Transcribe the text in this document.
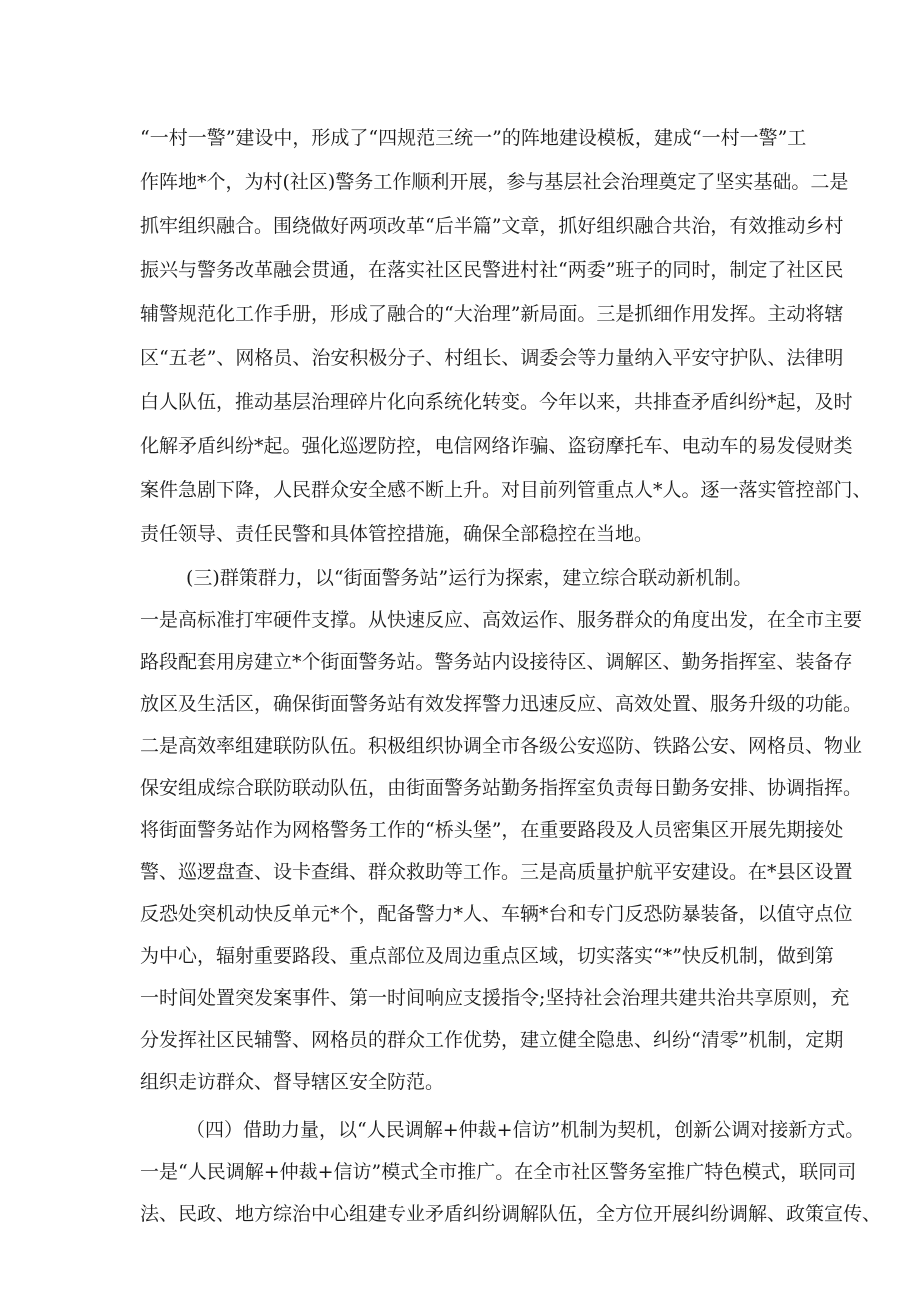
“一村一警”建设中，形成了“四规范三统一”的阵地建设模板，建成“一村一警”工
作阵地*个，为村(社区)警务工作顺利开展，参与基层社会治理奠定了坚实基础。二是
抓牢组织融合。围绕做好两项改革“后半篇”文章，抓好组织融合共治，有效推动乡村
振兴与警务改革融会贯通，在落实社区民警进村社“两委”班子的同时，制定了社区民
辅警规范化工作手册，形成了融合的“大治理”新局面。三是抓细作用发挥。主动将辖
区“五老”、网格员、治安积极分子、村组长、调委会等力量纳入平安守护队、法律明
白人队伍，推动基层治理碎片化向系统化转变。今年以来，共排查矛盾纠纷*起，及时
化解矛盾纠纷*起。强化巡逻防控，电信网络诈骗、盗窃摩托车、电动车的易发侵财类
案件急剧下降，人民群众安全感不断上升。对目前列管重点人*人。逐一落实管控部门、
责任领导、责任民警和具体管控措施，确保全部稳控在当地。
(三)群策群力，以“街面警务站”运行为探索，建立综合联动新机制。
一是高标准打牢硬件支撑。从快速反应、高效运作、服务群众的角度出发，在全市主要
路段配套用房建立*个街面警务站。警务站内设接待区、调解区、勤务指挥室、装备存
放区及生活区，确保街面警务站有效发挥警力迅速反应、高效处置、服务升级的功能。
二是高效率组建联防队伍。积极组织协调全市各级公安巡防、铁路公安、网格员、物业
保安组成综合联防联动队伍，由街面警务站勤务指挥室负责每日勤务安排、协调指挥。
将街面警务站作为网格警务工作的“桥头堡”，在重要路段及人员密集区开展先期接处
警、巡逻盘查、设卡查缉、群众救助等工作。三是高质量护航平安建设。在*县区设置
反恐处突机动快反单元*个，配备警力*人、车辆*台和专门反恐防暴装备，以值守点位
为中心，辐射重要路段、重点部位及周边重点区域，切实落实“*”快反机制，做到第
一时间处置突发案事件、第一时间响应支援指令;坚持社会治理共建共治共享原则，充
分发挥社区民辅警、网格员的群众工作优势，建立健全隐患、纠纷“清零”机制，定期
组织走访群众、督导辖区安全防范。
（四）借助力量，以“人民调解+仲裁+信访”机制为契机，创新公调对接新方式。
一是“人民调解+仲裁+信访”模式全市推广。在全市社区警务室推广特色模式，联同司
法、民政、地方综治中心组建专业矛盾纠纷调解队伍，全方位开展纠纷调解、政策宣传、
